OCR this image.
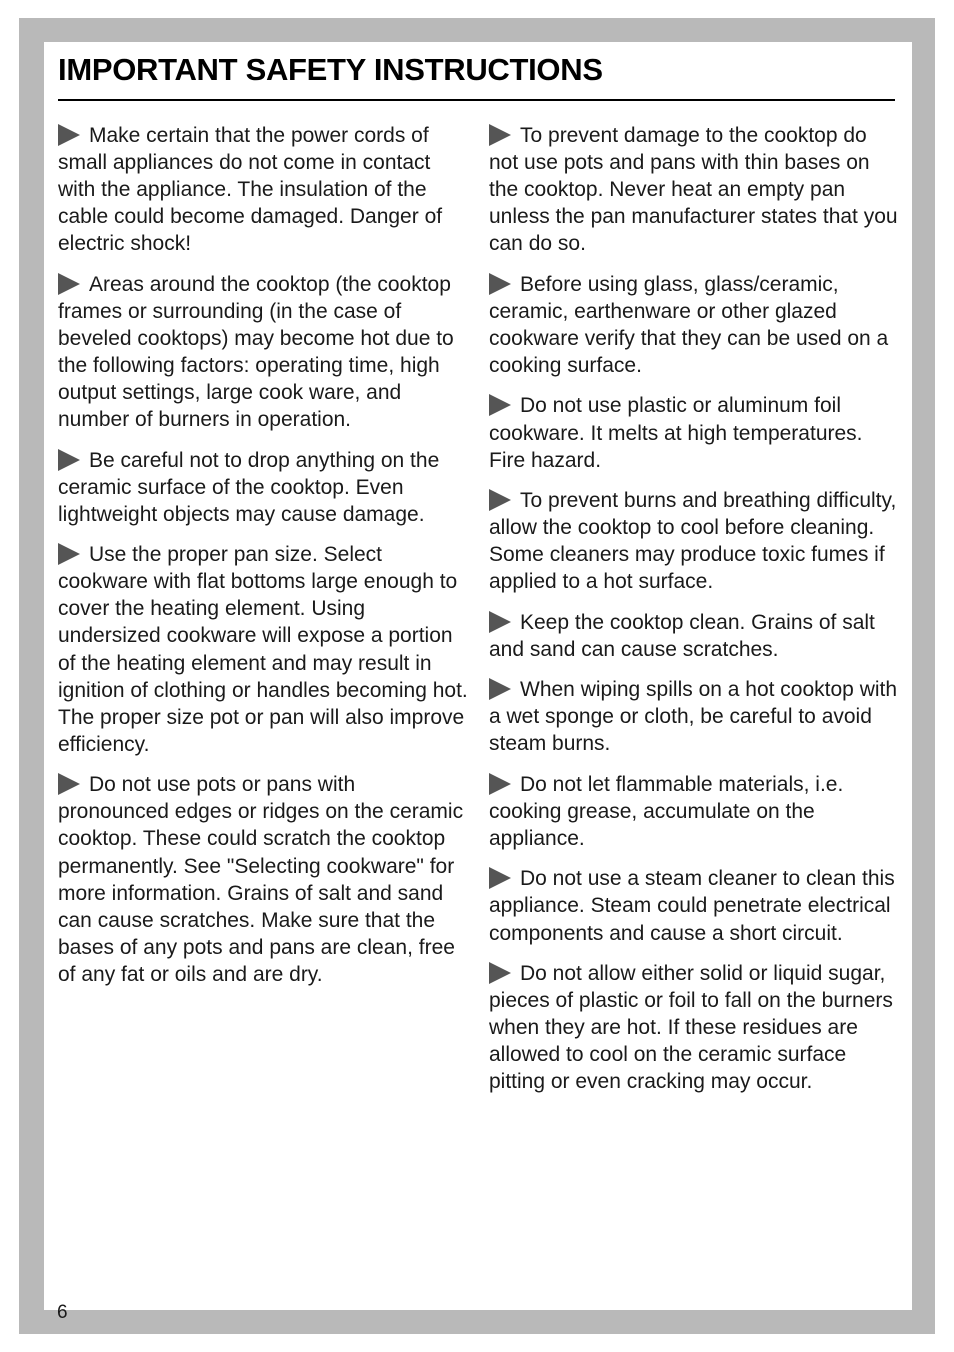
IMPORTANT SAFETY INSTRUCTIONS

Make certain that the power cords of small appliances do not come in contact with the appliance. The insulation of the cable could become damaged. Danger of electric shock!

Areas around the cooktop (the cooktop frames or surrounding (in the case of beveled cooktops) may become hot due to the following factors: operating time, high output settings, large cook ware, and number of burners in operation.

Be careful not to drop anything on the ceramic surface of the cooktop. Even lightweight objects may cause damage.

Use the proper pan size. Select cookware with flat bottoms large enough to cover the heating element. Using undersized cookware will expose a portion of the heating element and may result in ignition of clothing or handles becoming hot. The proper size pot or pan will also improve efficiency.

Do not use pots or pans with pronounced edges or ridges on the ceramic cooktop. These could scratch the cooktop permanently. See "Selecting cookware" for more information. Grains of salt and sand can cause scratches. Make sure that the bases of any pots and pans are clean, free of any fat or oils and are dry.

To prevent damage to the cooktop do not use pots and pans with thin bases on the cooktop. Never heat an empty pan unless the pan manufacturer states that you can do so.

Before using glass, glass/ceramic, ceramic, earthenware or other glazed cookware verify that they can be used on a cooking surface.

Do not use plastic or aluminum foil cookware. It melts at high temperatures. Fire hazard.

To prevent burns and breathing difficulty, allow the cooktop to cool before cleaning. Some cleaners may produce toxic fumes if applied to a hot surface.

Keep the cooktop clean. Grains of salt and sand can cause scratches.

When wiping spills on a hot cooktop with a wet sponge or cloth, be careful to avoid steam burns.

Do not let flammable materials, i.e. cooking grease, accumulate on the appliance.

Do not use a steam cleaner to clean this appliance. Steam could penetrate electrical components and cause a short circuit.

Do not allow either solid or liquid sugar, pieces of plastic or foil to fall on the burners when they are hot. If these residues are allowed to cool on the ceramic surface pitting or even cracking may occur.

6
